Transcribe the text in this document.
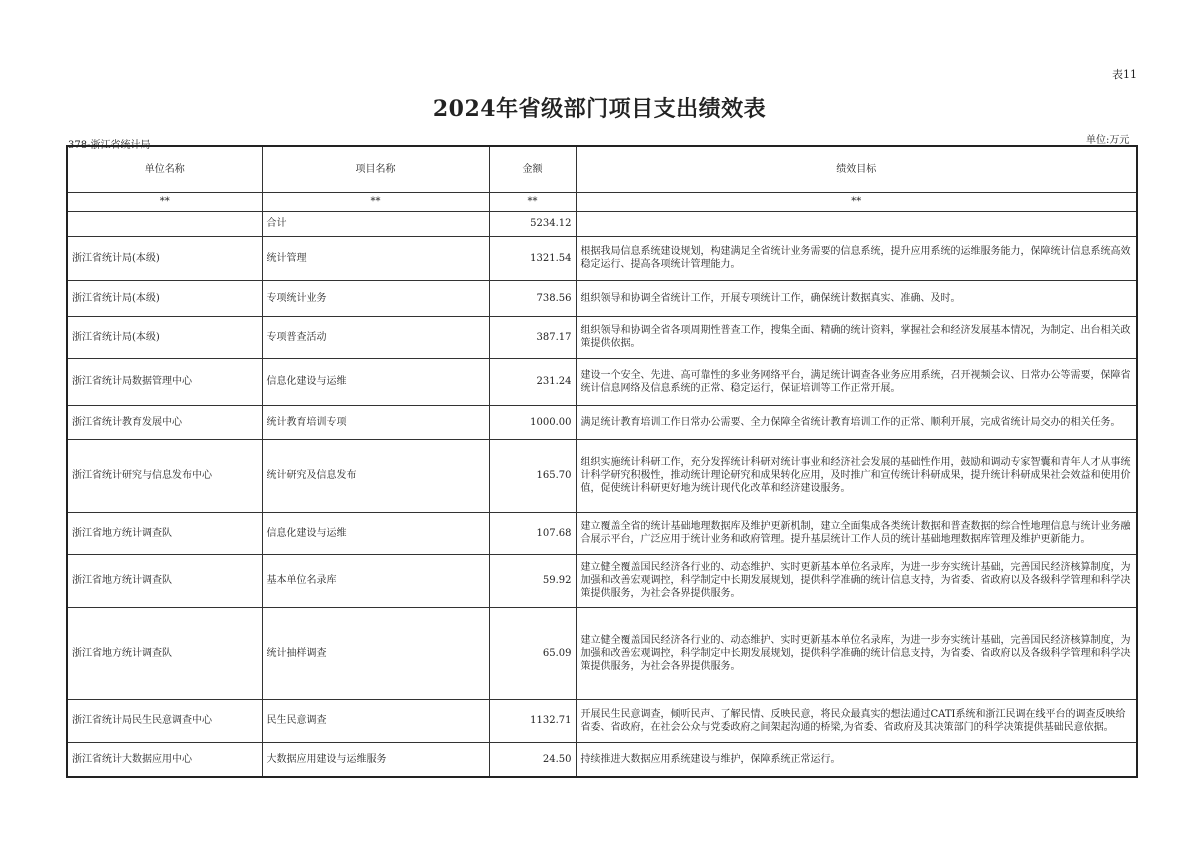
表11
2024年省级部门项目支出绩效表
378-浙江省统计局	单位:万元
单位名称	项目名称	金额	绩效目标
**	**	**	**
	合计	5234.12	
浙江省统计局(本级)	统计管理	1321.54	根据我局信息系统建设规划，构建满足全省统计业务需要的信息系统，提升应用系统的运维服务能力，保障统计信息系统高效稳定运行、提高各项统计管理能力。
浙江省统计局(本级)	专项统计业务	738.56	组织领导和协调全省统计工作，开展专项统计工作，确保统计数据真实、准确、及时。
浙江省统计局(本级)	专项普查活动	387.17	组织领导和协调全省各项周期性普查工作，搜集全面、精确的统计资料，掌握社会和经济发展基本情况，为制定、出台相关政策提供依据。
浙江省统计局数据管理中心	信息化建设与运维	231.24	建设一个安全、先进、高可靠性的多业务网络平台，满足统计调查各业务应用系统，召开视频会议、日常办公等需要，保障省统计信息网络及信息系统的正常、稳定运行，保证培训等工作正常开展。
浙江省统计教育发展中心	统计教育培训专项	1000.00	满足统计教育培训工作日常办公需要、全力保障全省统计教育培训工作的正常、顺利开展，完成省统计局交办的相关任务。
浙江省统计研究与信息发布中心	统计研究及信息发布	165.70	组织实施统计科研工作，充分发挥统计科研对统计事业和经济社会发展的基础性作用，鼓励和调动专家智囊和青年人才从事统计科学研究积极性，推动统计理论研究和成果转化应用，及时推广和宣传统计科研成果，提升统计科研成果社会效益和使用价值，促使统计科研更好地为统计现代化改革和经济建设服务。
浙江省地方统计调查队	信息化建设与运维	107.68	建立覆盖全省的统计基础地理数据库及维护更新机制，建立全面集成各类统计数据和普查数据的综合性地理信息与统计业务融合展示平台，广泛应用于统计业务和政府管理。提升基层统计工作人员的统计基础地理数据库管理及维护更新能力。
浙江省地方统计调查队	基本单位名录库	59.92	建立健全覆盖国民经济各行业的、动态维护、实时更新基本单位名录库，为进一步夯实统计基础，完善国民经济核算制度，为加强和改善宏观调控，科学制定中长期发展规划，提供科学准确的统计信息支持，为省委、省政府以及各级科学管理和科学决策提供服务，为社会各界提供服务。
浙江省地方统计调查队	统计抽样调查	65.09	建立健全覆盖国民经济各行业的、动态维护、实时更新基本单位名录库，为进一步夯实统计基础，完善国民经济核算制度，为加强和改善宏观调控，科学制定中长期发展规划，提供科学准确的统计信息支持，为省委、省政府以及各级科学管理和科学决策提供服务，为社会各界提供服务。
浙江省统计局民生民意调查中心	民生民意调查	1132.71	开展民生民意调查，倾听民声、了解民情、反映民意，将民众最真实的想法通过CATI系统和浙江民调在线平台的调查反映给省委、省政府，在社会公众与党委政府之间架起沟通的桥梁,为省委、省政府及其决策部门的科学决策提供基础民意依据。
浙江省统计大数据应用中心	大数据应用建设与运维服务	24.50	持续推进大数据应用系统建设与维护，保障系统正常运行。
